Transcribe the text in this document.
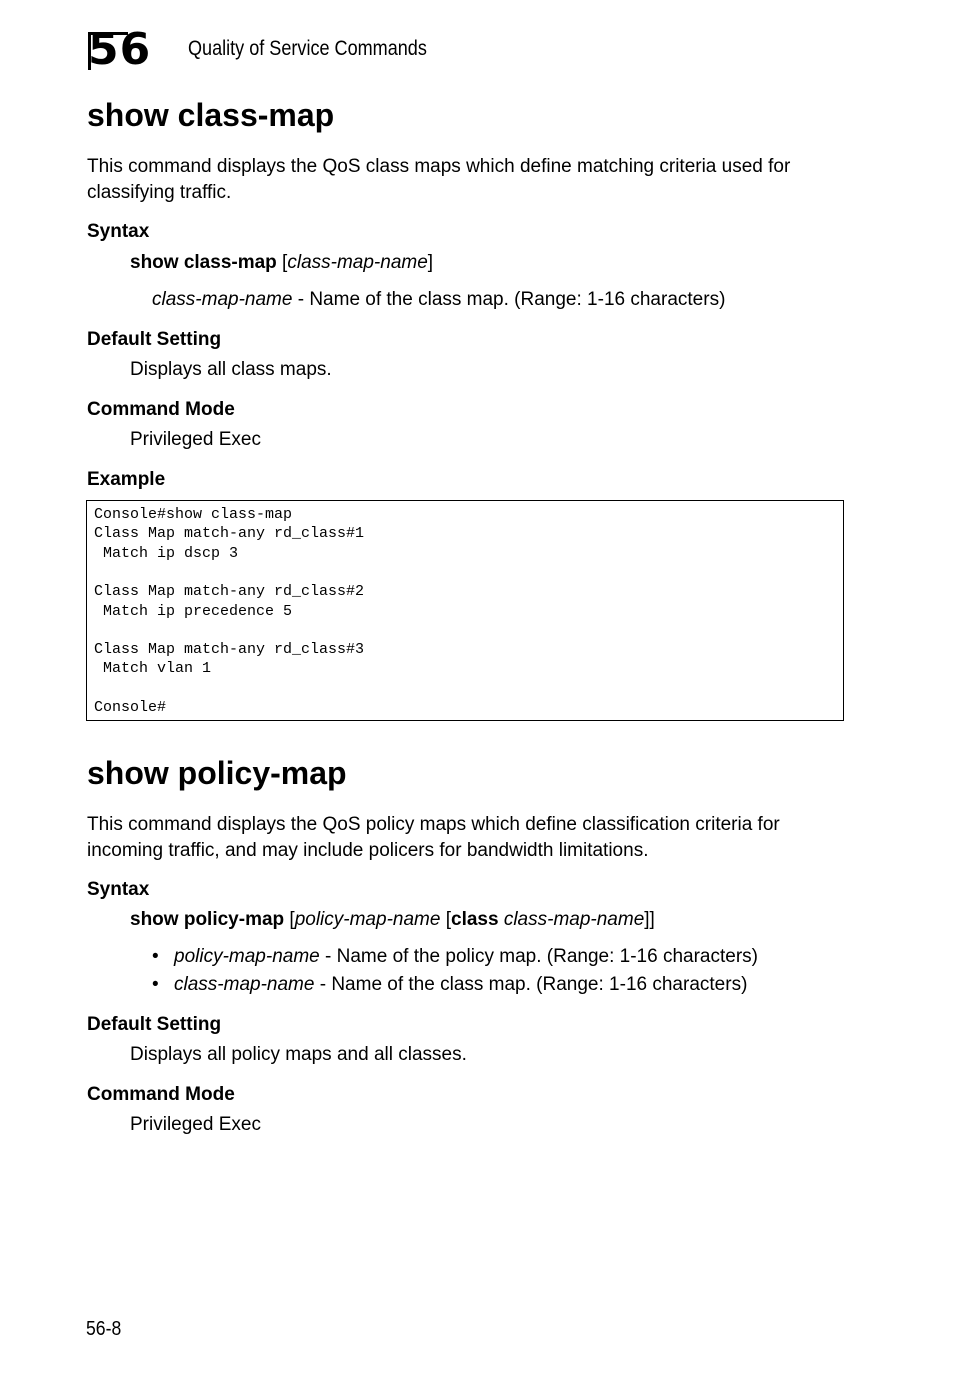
56 Quality of Service Commands
show class-map

This command displays the QoS class maps which define matching criteria used for classifying traffic.

Syntax

show class-map [class-map-name]

class-map-name - Name of the class map. (Range: 1-16 characters)

Default Setting

Displays all class maps.

Command Mode

Privileged Exec

Example
Console#show class-map
Class Map match-any rd_class#1
Match ip dscp 3
Class Map match-any rd_class#2
Match ip precedence 5
Class Map match-any rd_class#3
Match vlan 1
Console#
show policy-map

This command displays the QoS policy maps which define classification criteria for incoming traffic, and may include policers for bandwidth limitations.

Syntax

show policy-map [policy-map-name [class class-map-name]]

• policy-map-name - Name of the policy map. (Range: 1-16 characters)
• class-map-name - Name of the class map. (Range: 1-16 characters)
Default Setting

Displays all policy maps and all classes.

Command Mode

Privileged Exec

56-8
